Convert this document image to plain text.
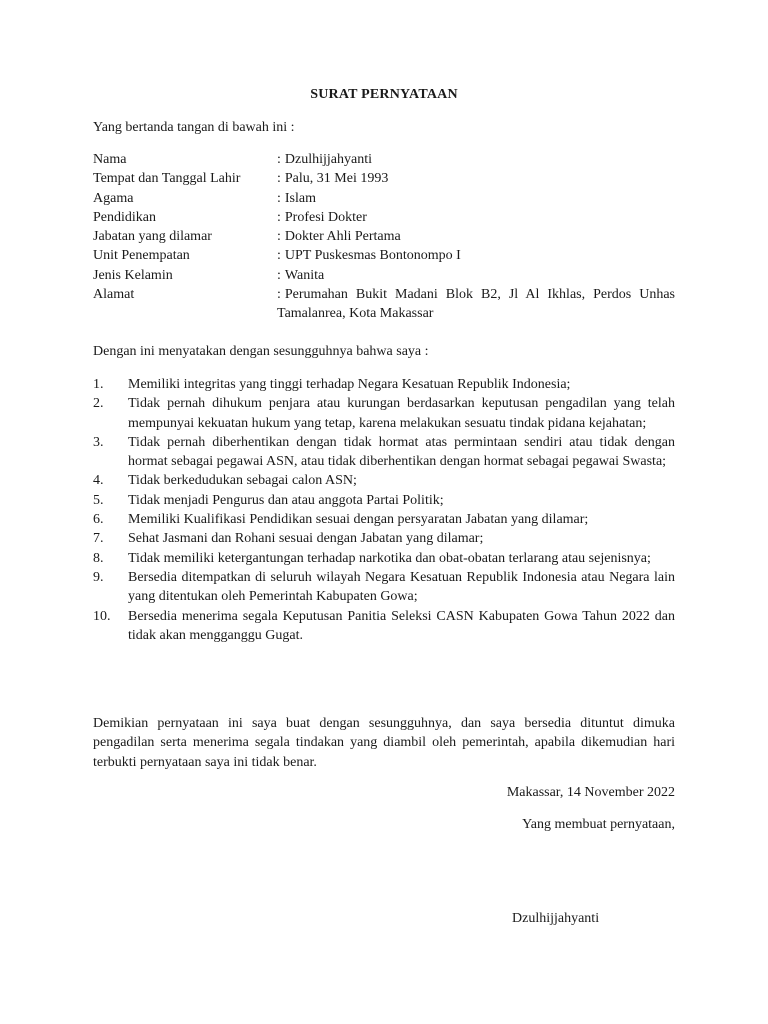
SURAT PERNYATAAN
Yang bertanda tangan di bawah ini :
Nama	: Dzulhijjahyanti
Tempat dan Tanggal Lahir	: Palu, 31 Mei 1993
Agama	: Islam
Pendidikan	: Profesi Dokter
Jabatan yang dilamar	: Dokter Ahli Pertama
Unit Penempatan	: UPT Puskesmas Bontonompo I
Jenis Kelamin	: Wanita
Alamat	: Perumahan Bukit Madani Blok B2, Jl Al Ikhlas, Perdos Unhas Tamalanrea, Kota Makassar
Dengan ini menyatakan dengan sesungguhnya bahwa saya :
1.	Memiliki integritas yang tinggi terhadap Negara Kesatuan Republik Indonesia;
2.	Tidak pernah dihukum penjara atau kurungan berdasarkan keputusan pengadilan yang telah mempunyai kekuatan hukum yang tetap, karena melakukan sesuatu tindak pidana kejahatan;
3.	Tidak pernah diberhentikan dengan tidak hormat atas permintaan sendiri atau tidak dengan hormat sebagai pegawai ASN, atau tidak diberhentikan dengan hormat sebagai pegawai Swasta;
4.	Tidak berkedudukan sebagai calon ASN;
5.	Tidak menjadi Pengurus dan atau anggota Partai Politik;
6.	Memiliki Kualifikasi Pendidikan sesuai dengan persyaratan Jabatan yang dilamar;
7.	Sehat Jasmani dan Rohani sesuai dengan Jabatan yang dilamar;
8.	Tidak memiliki ketergantungan terhadap narkotika dan obat-obatan terlarang atau sejenisnya;
9.	Bersedia ditempatkan di seluruh wilayah Negara Kesatuan Republik Indonesia atau Negara lain yang ditentukan oleh Pemerintah Kabupaten Gowa;
10.	Bersedia menerima segala Keputusan Panitia Seleksi CASN Kabupaten Gowa Tahun 2022 dan tidak akan mengganggu Gugat.
Demikian pernyataan ini saya buat dengan sesungguhnya, dan saya bersedia dituntut dimuka pengadilan serta menerima segala tindakan yang diambil oleh pemerintah, apabila dikemudian hari terbukti pernyataan saya ini tidak benar.
Makassar, 14 November 2022
Yang membuat pernyataan,
Dzulhijjahyanti
